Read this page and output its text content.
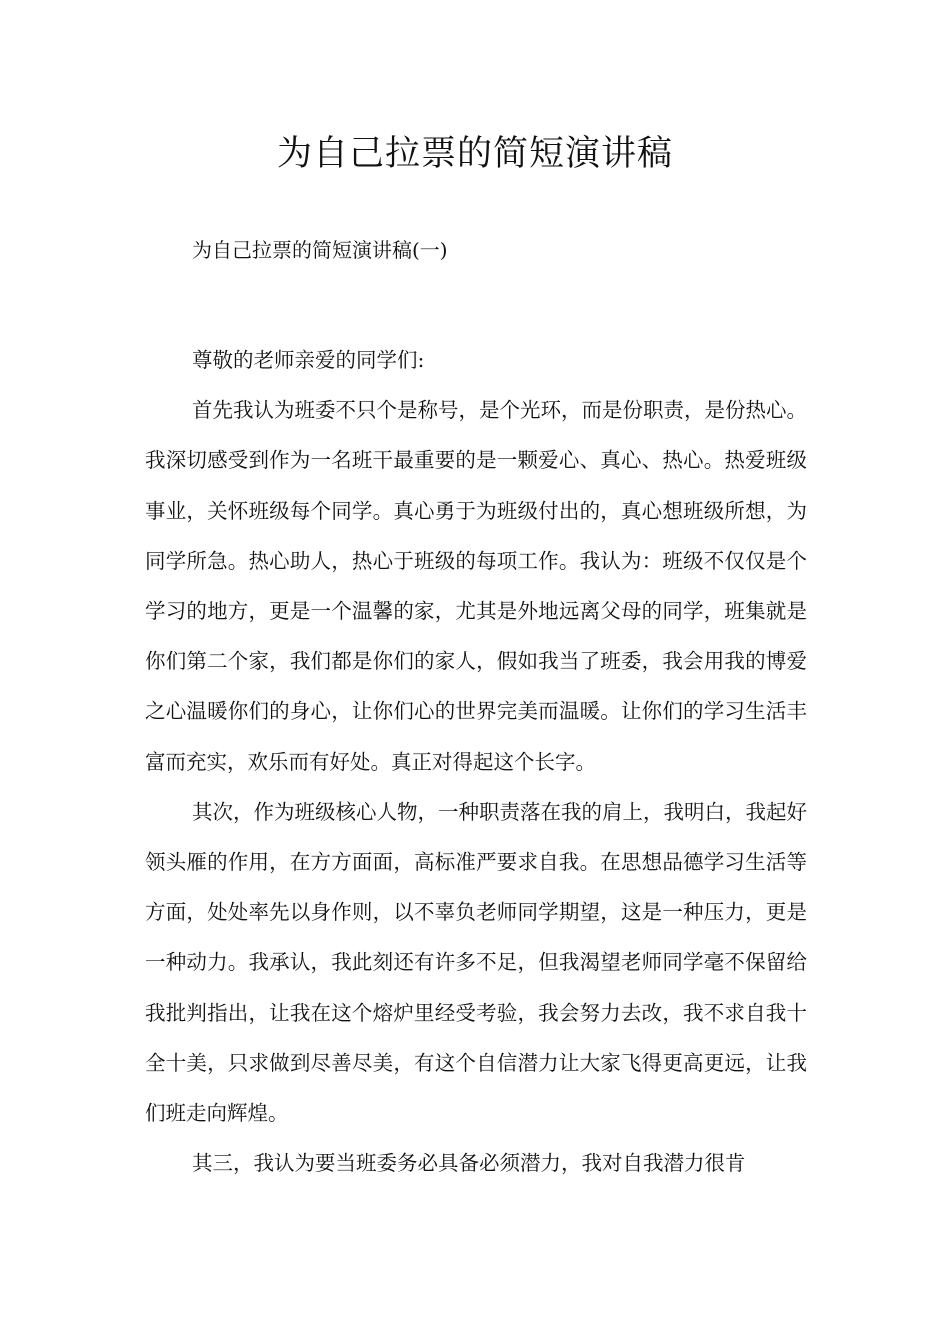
为自己拉票的简短演讲稿
为自己拉票的简短演讲稿(一)

尊敬的老师亲爱的同学们:

首先我认为班委不只个是称号，是个光环，而是份职责，是份热心。我深切感受到作为一名班干最重要的是一颗爱心、真心、热心。热爱班级事业，关怀班级每个同学。真心勇于为班级付出的，真心想班级所想，为同学所急。热心助人，热心于班级的每项工作。我认为：班级不仅仅是个学习的地方，更是一个温馨的家，尤其是外地远离父母的同学，班集就是你们第二个家，我们都是你们的家人，假如我当了班委，我会用我的博爱之心温暖你们的身心，让你们心的世界完美而温暖。让你们的学习生活丰富而充实，欢乐而有好处。真正对得起这个长字。

其次，作为班级核心人物，一种职责落在我的肩上，我明白，我起好领头雁的作用，在方方面面，高标准严要求自我。在思想品德学习生活等方面，处处率先以身作则，以不辜负老师同学期望，这是一种压力，更是一种动力。我承认，我此刻还有许多不足，但我渴望老师同学毫不保留给我批判指出，让我在这个熔炉里经受考验，我会努力去改，我不求自我十全十美，只求做到尽善尽美，有这个自信潜力让大家飞得更高更远，让我们班走向辉煌。

其三，我认为要当班委务必具备必须潜力，我对自我潜力很肯
